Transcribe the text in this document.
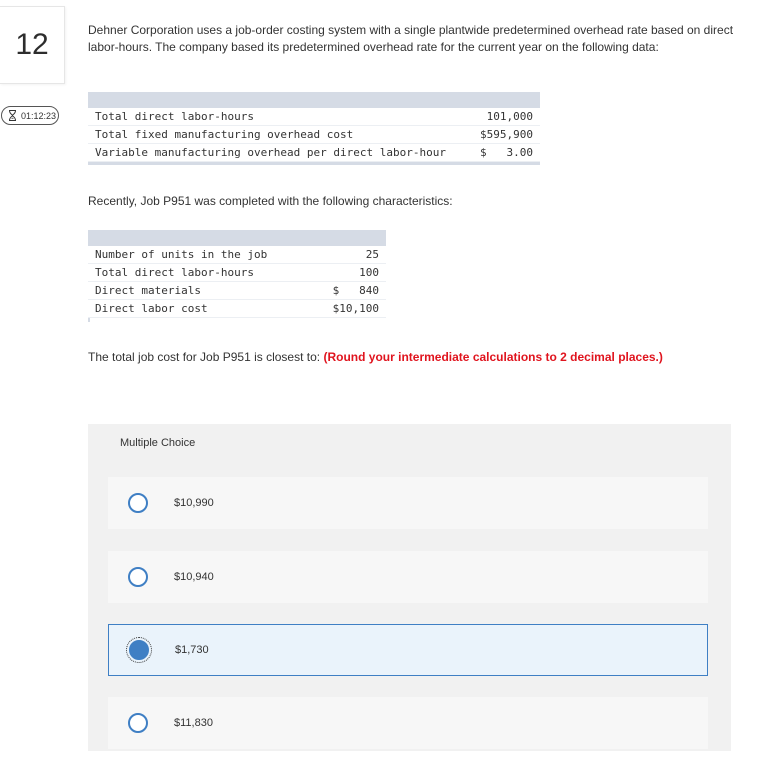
12
01:12:23
Dehner Corporation uses a job-order costing system with a single plantwide predetermined overhead rate based on direct labor-hours. The company based its predetermined overhead rate for the current year on the following data:
Total direct labor-hours	101,000
Total fixed manufacturing overhead cost	$595,900
Variable manufacturing overhead per direct labor-hour	$   3.00
Recently, Job P951 was completed with the following characteristics:
Number of units in the job	25
Total direct labor-hours	100
Direct materials	$   840
Direct labor cost	$10,100
The total job cost for Job P951 is closest to: (Round your intermediate calculations to 2 decimal places.)
Multiple Choice
$10,990
$10,940
$1,730
$11,830
